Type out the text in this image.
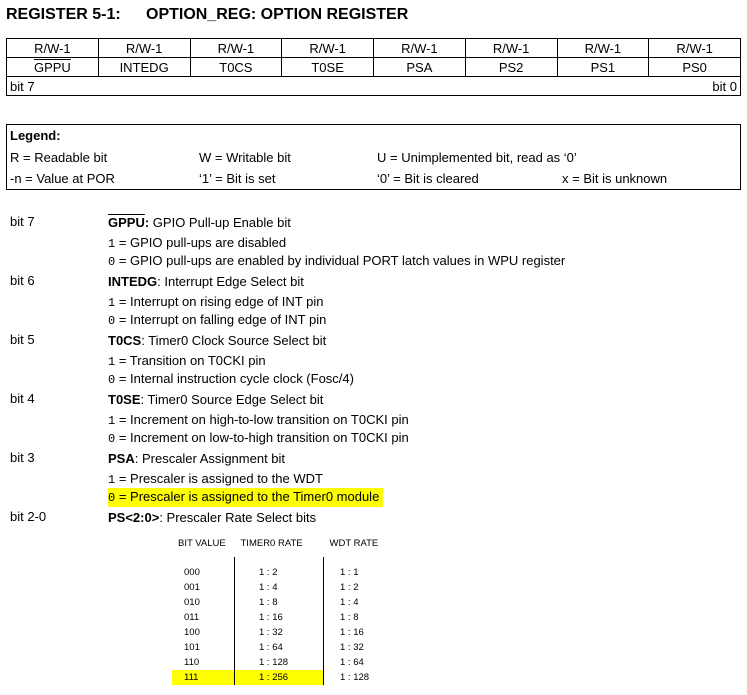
REGISTER 5-1: OPTION_REG: OPTION REGISTER
R/W-1	R/W-1	R/W-1	R/W-1	R/W-1	R/W-1	R/W-1	R/W-1
GPPU	INTEDG	T0CS	T0SE	PSA	PS2	PS1	PS0
bit 7 bit 0							
Legend:
R = Readable bit	W = Writable bit	U = Unimplemented bit, read as ‘0’
-n = Value at POR	‘1’ = Bit is set	‘0’ = Bit is cleared	x = Bit is unknown
bit 7	GPPU: GPIO Pull-up Enable bit
1 = GPIO pull-ups are disabled
0 = GPIO pull-ups are enabled by individual PORT latch values in WPU register
bit 6	INTEDG: Interrupt Edge Select bit
1 = Interrupt on rising edge of INT pin
0 = Interrupt on falling edge of INT pin
bit 5	T0CS: Timer0 Clock Source Select bit
1 = Transition on T0CKI pin
0 = Internal instruction cycle clock (Fosc/4)
bit 4	T0SE: Timer0 Source Edge Select bit
1 = Increment on high-to-low transition on T0CKI pin
0 = Increment on low-to-high transition on T0CKI pin
bit 3	PSA: Prescaler Assignment bit
1 = Prescaler is assigned to the WDT
0 = Prescaler is assigned to the Timer0 module
bit 2-0	PS<2:0>: Prescaler Rate Select bits
BIT VALUE	TIMER0 RATE	WDT RATE
000	1 : 2	1 : 1
001	1 : 4	1 : 2
010	1 : 8	1 : 4
011	1 : 16	1 : 8
100	1 : 32	1 : 16
101	1 : 64	1 : 32
110	1 : 128	1 : 64
111	1 : 256	1 : 128
